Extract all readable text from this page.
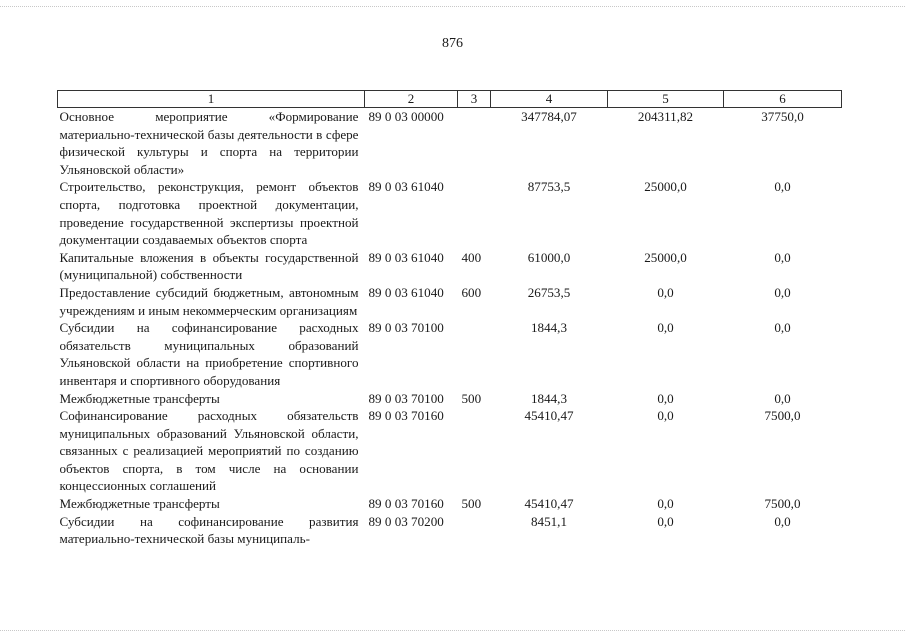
876
1	2	3	4	5	6
Основное мероприятие «Формирование материально-технической базы деятельности в сфере физической культуры и спорта на территории Ульяновской области»	89 0 03 00000		347784,07	204311,82	37750,0
Строительство, реконструкция, ремонт объектов спорта, подготовка проектной документации, проведение государственной экспертизы проектной документации создаваемых объектов спорта	89 0 03 61040		87753,5	25000,0	0,0
Капитальные вложения в объекты государственной (муниципальной) собственности	89 0 03 61040	400	61000,0	25000,0	0,0
Предоставление субсидий бюджетным, автономным учреждениям и иным некоммерческим организациям	89 0 03 61040	600	26753,5	0,0	0,0
Субсидии на софинансирование расходных обязательств муниципальных образований Ульяновской области на приобретение спортивного инвентаря и спортивного оборудования	89 0 03 70100		1844,3	0,0	0,0
Межбюджетные трансферты	89 0 03 70100	500	1844,3	0,0	0,0
Софинансирование расходных обязательств муниципальных образований Ульяновской области, связанных с реализацией мероприятий по созданию объектов спорта, в том числе на основании концессионных соглашений	89 0 03 70160		45410,47	0,0	7500,0
Межбюджетные трансферты	89 0 03 70160	500	45410,47	0,0	7500,0
Субсидии на софинансирование развития материально-технической базы муниципаль-	89 0 03 70200		8451,1	0,0	0,0
